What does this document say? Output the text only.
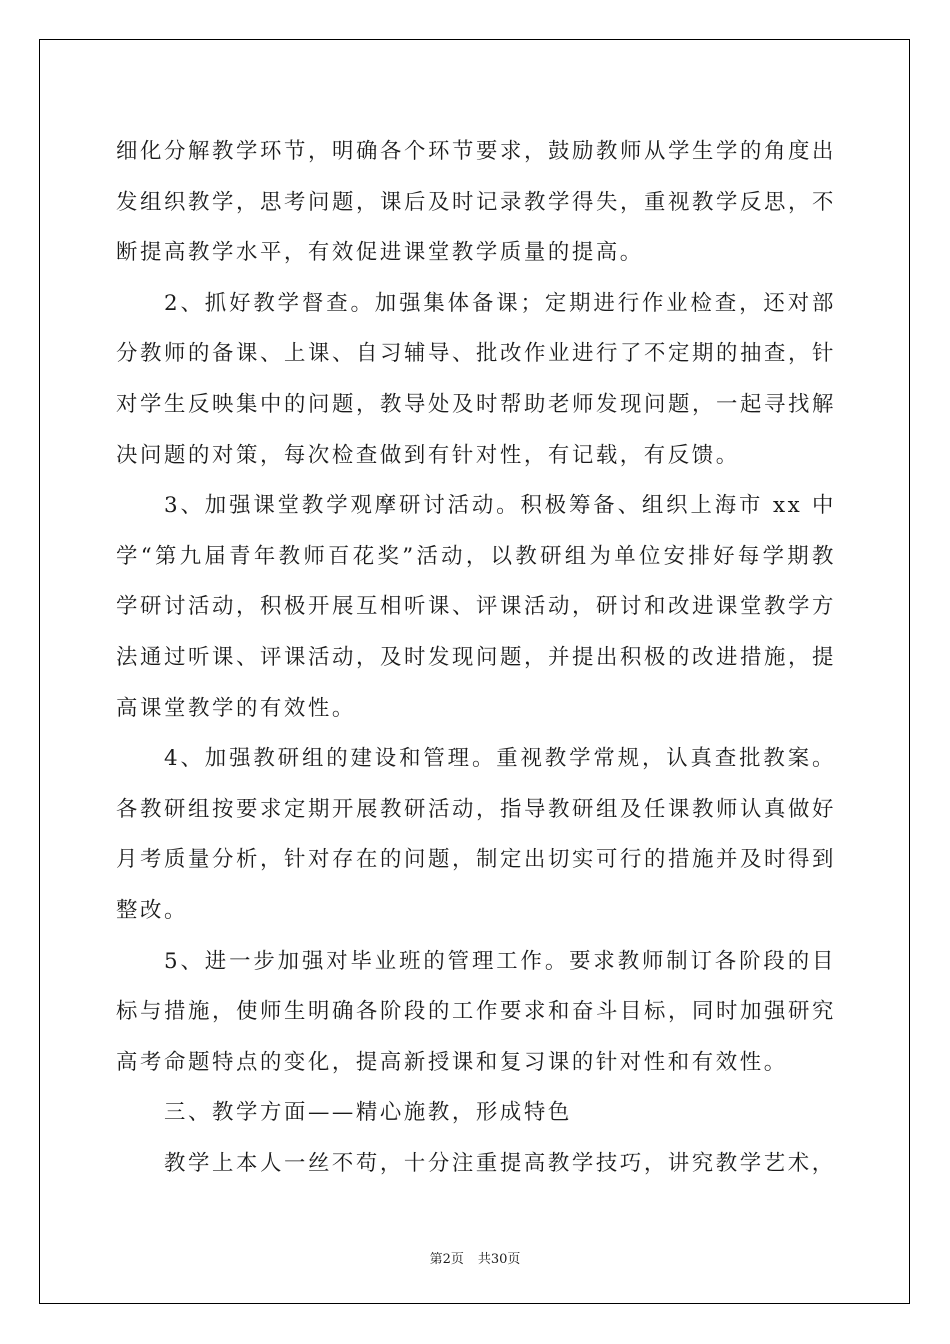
细化分解教学环节，明确各个环节要求，鼓励教师从学生学的角度出发组织教学，思考问题，课后及时记录教学得失，重视教学反思，不断提高教学水平，有效促进课堂教学质量的提高。

2、抓好教学督查。加强集体备课；定期进行作业检查，还对部分教师的备课、上课、自习辅导、批改作业进行了不定期的抽查，针对学生反映集中的问题，教导处及时帮助老师发现问题，一起寻找解决问题的对策，每次检查做到有针对性，有记载，有反馈。

3、加强课堂教学观摩研讨活动。积极筹备、组织上海市 xx 中学“第九届青年教师百花奖”活动，以教研组为单位安排好每学期教学研讨活动，积极开展互相听课、评课活动，研讨和改进课堂教学方法通过听课、评课活动，及时发现问题，并提出积极的改进措施，提高课堂教学的有效性。

4、加强教研组的建设和管理。重视教学常规，认真查批教案。各教研组按要求定期开展教研活动，指导教研组及任课教师认真做好月考质量分析，针对存在的问题，制定出切实可行的措施并及时得到整改。

5、进一步加强对毕业班的管理工作。要求教师制订各阶段的目标与措施，使师生明确各阶段的工作要求和奋斗目标，同时加强研究高考命题特点的变化，提高新授课和复习课的针对性和有效性。

三、教学方面——精心施教，形成特色

教学上本人一丝不苟，十分注重提高教学技巧，讲究教学艺术，

第2页 共30页
